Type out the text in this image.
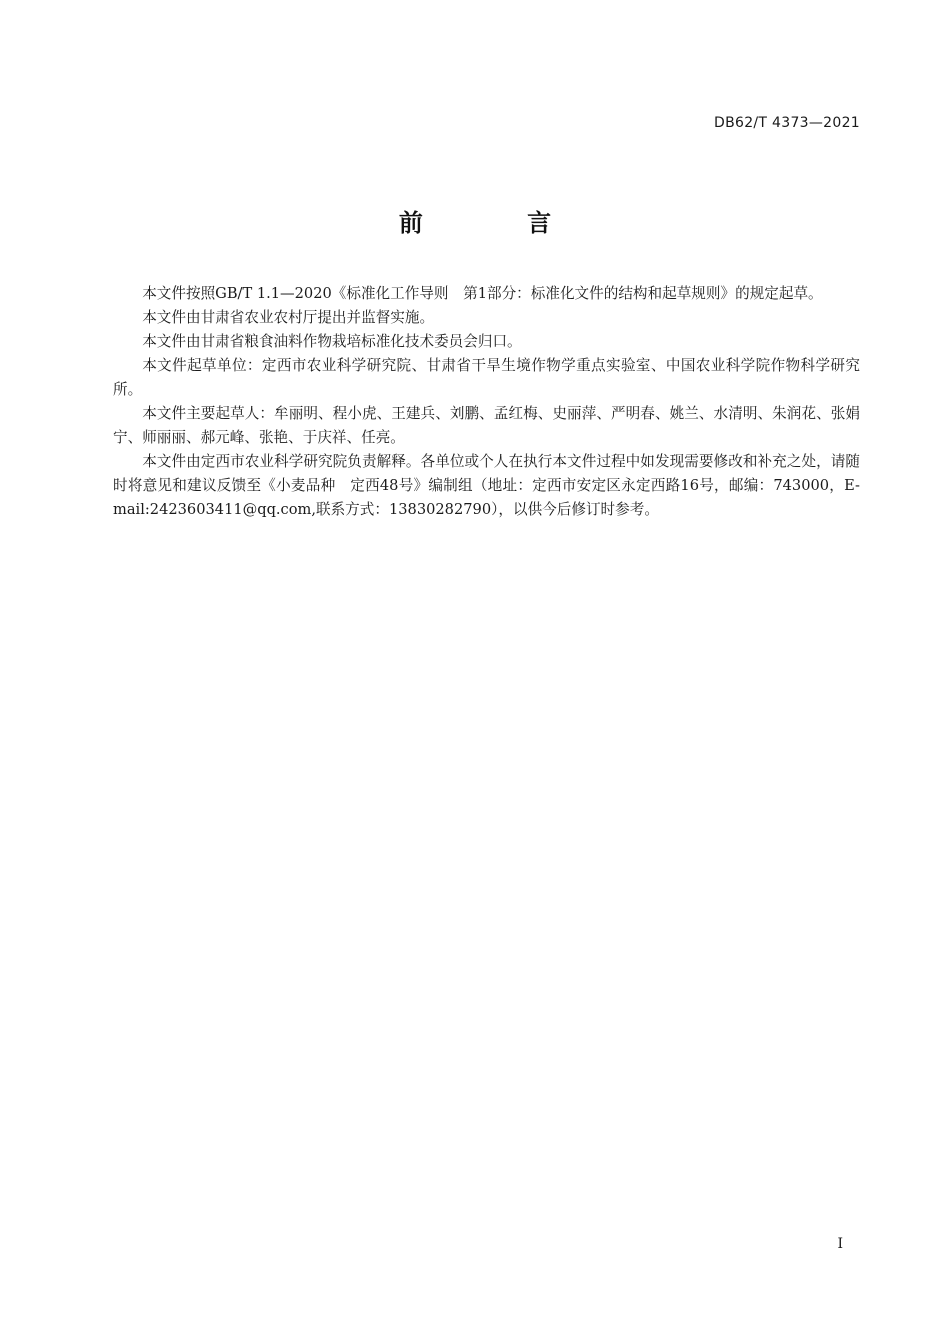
DB62/T 4373—2021
前 言

本文件按照GB/T 1.1—2020《标准化工作导则　第1部分：标准化文件的结构和起草规则》的规定起草。

本文件由甘肃省农业农村厅提出并监督实施。

本文件由甘肃省粮食油料作物栽培标准化技术委员会归口。

本文件起草单位：定西市农业科学研究院、甘肃省干旱生境作物学重点实验室、中国农业科学院作物科学研究所。

本文件主要起草人：牟丽明、程小虎、王建兵、刘鹏、孟红梅、史丽萍、严明春、姚兰、水清明、朱润花、张娟宁、师丽丽、郝元峰、张艳、于庆祥、任亮。

本文件由定西市农业科学研究院负责解释。各单位或个人在执行本文件过程中如发现需要修改和补充之处，请随时将意见和建议反馈至《小麦品种　定西48号》编制组（地址：定西市安定区永定西路16号，邮编：743000，E-mail:2423603411@qq.com,联系方式：13830282790），以供今后修订时参考。

I
